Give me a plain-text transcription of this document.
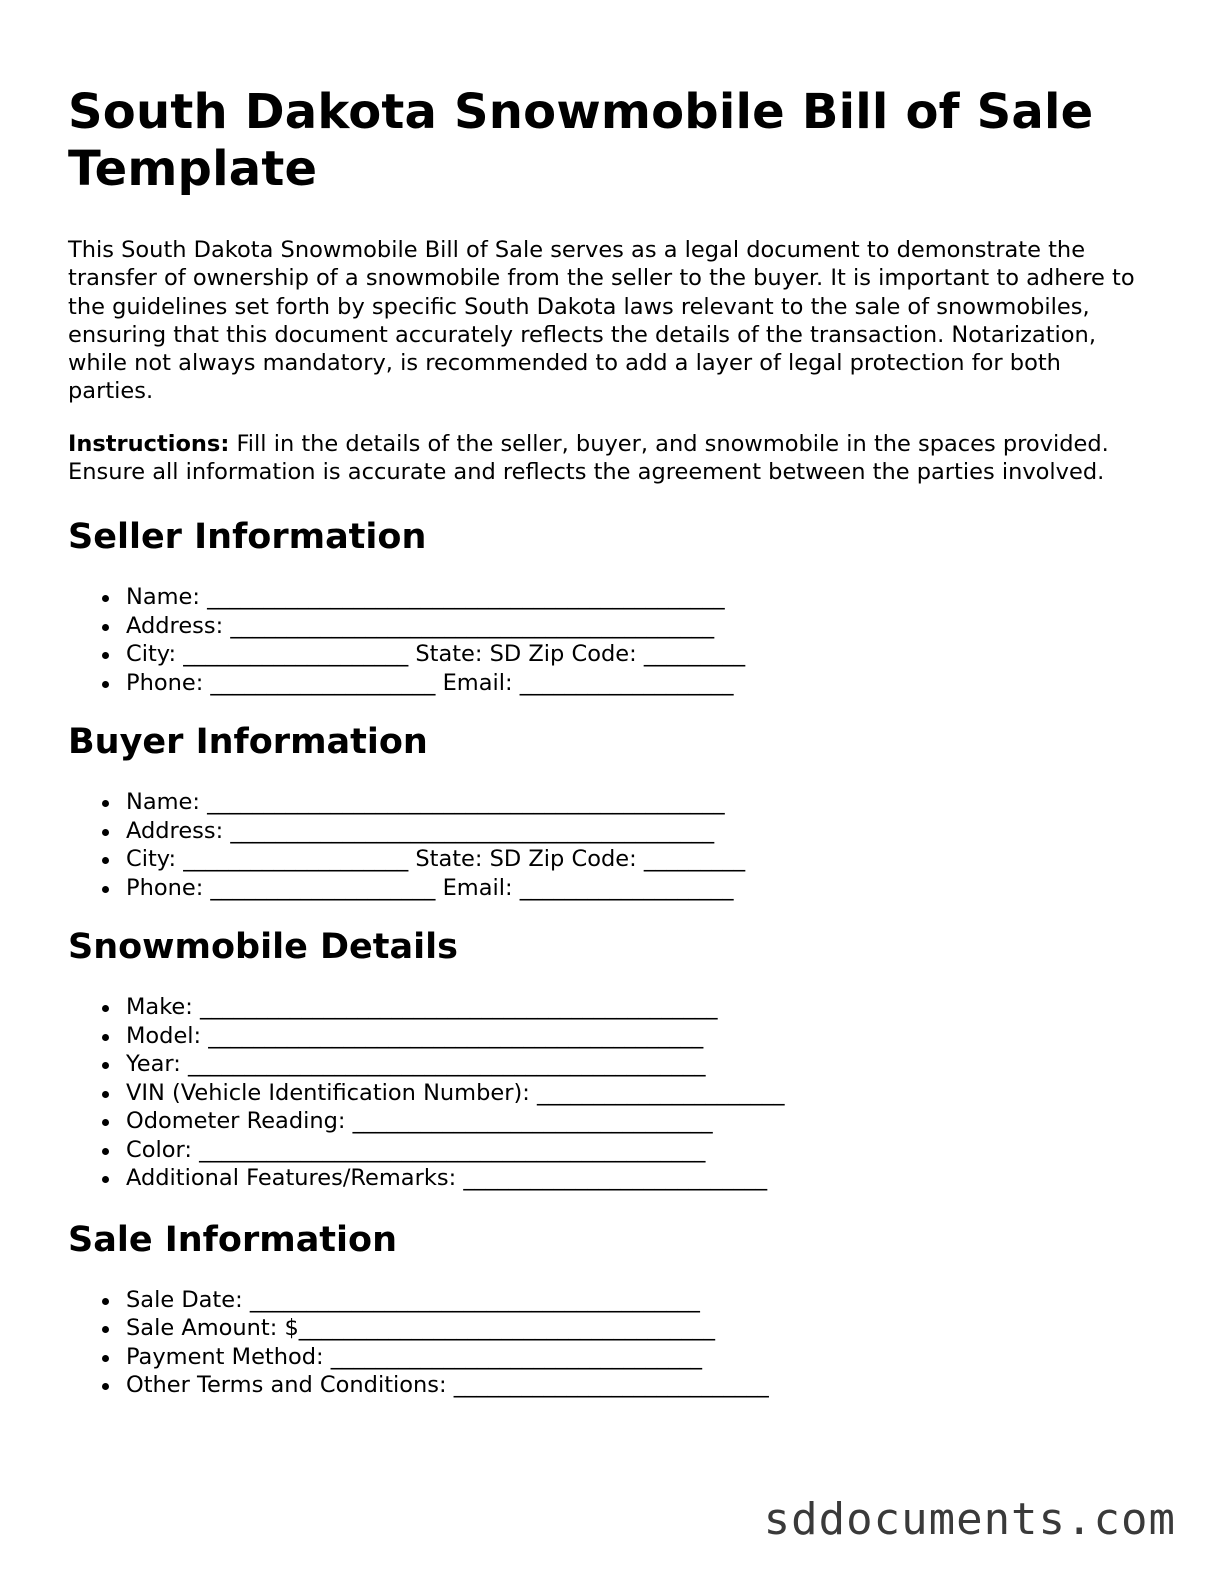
South Dakota Snowmobile Bill of Sale Template

This South Dakota Snowmobile Bill of Sale serves as a legal document to demonstrate the transfer of ownership of a snowmobile from the seller to the buyer. It is important to adhere to the guidelines set forth by specific South Dakota laws relevant to the sale of snowmobiles, ensuring that this document accurately reflects the details of the transaction. Notarization, while not always mandatory, is recommended to add a layer of legal protection for both parties.

Instructions: Fill in the details of the seller, buyer, and snowmobile in the spaces provided. Ensure all information is accurate and reflects the agreement between the parties involved.

Seller Information
Name: ______________________________________________
Address: ___________________________________________
City: ____________________ State: SD Zip Code: _________
Phone: ____________________ Email: ___________________
Buyer Information
Name: ______________________________________________
Address: ___________________________________________
City: ____________________ State: SD Zip Code: _________
Phone: ____________________ Email: ___________________
Snowmobile Details
Make: ______________________________________________
Model: ____________________________________________
Year: ______________________________________________
VIN (Vehicle Identification Number): ______________________
Odometer Reading: ________________________________
Color: _____________________________________________
Additional Features/Remarks: ___________________________
Sale Information
Sale Date: ________________________________________
Sale Amount: $_____________________________________
Payment Method: _________________________________
Other Terms and Conditions: ____________________________
sddocuments.com
